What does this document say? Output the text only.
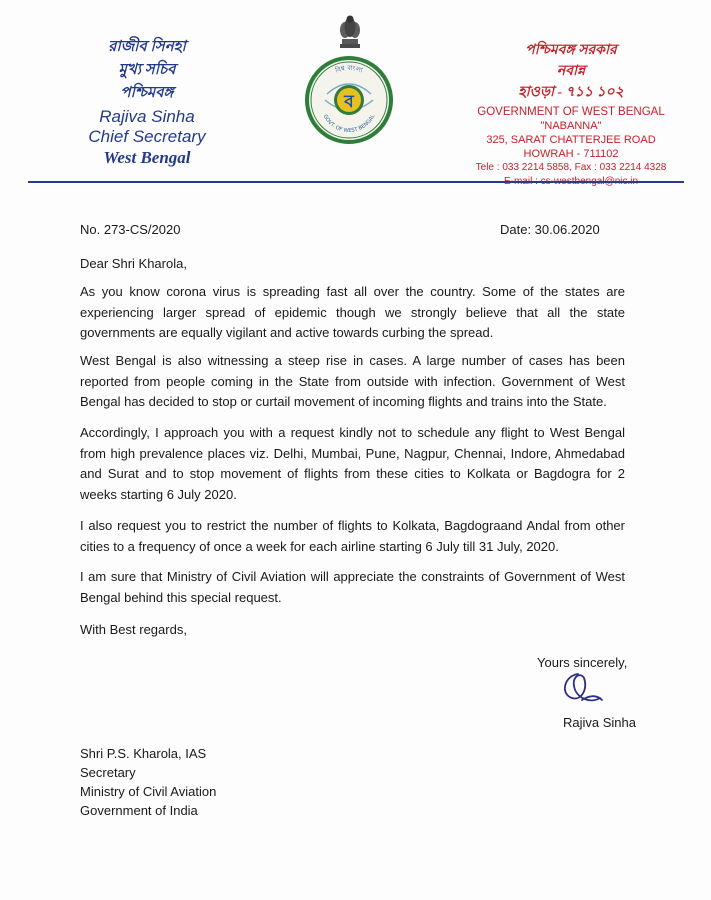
রাজীব সিনহা
মুখ্য সচিব
পশ্চিমবঙ্গ
Rajiva Sinha
Chief Secretary
West Bengal
ব
বিশ্ব বাংলা
GOVT. OF WEST BENGAL
পশ্চিমবঙ্গ সরকার
নবান্ন
হাওড়া - ৭১১ ১০২
GOVERNMENT OF WEST BENGAL
"NABANNA"
325, SARAT CHATTERJEE ROAD
HOWRAH - 711102
Tele : 033 2214 5858, Fax : 033 2214 4328
No. 273-CS/2020	Date: 30.06.2020
Dear Shri Kharola,
As you know corona virus is spreading fast all over the country. Some of the states are experiencing larger spread of epidemic though we strongly believe that all the state governments are equally vigilant and active towards curbing the spread.
West Bengal is also witnessing a steep rise in cases. A large number of cases has been reported from people coming in the State from outside with infection. Government of West Bengal has decided to stop or curtail movement of incoming flights and trains into the State.
Accordingly, I approach you with a request kindly not to schedule any flight to West Bengal from high prevalence places viz. Delhi, Mumbai, Pune, Nagpur, Chennai, Indore, Ahmedabad and Surat and to stop movement of flights from these cities to Kolkata or Bagdogra for 2 weeks starting 6 July 2020.
I also request you to restrict the number of flights to Kolkata, Bagdograand Andal from other cities to a frequency of once a week for each airline starting 6 July till 31 July, 2020.
I am sure that Ministry of Civil Aviation will appreciate the constraints of Government of West Bengal behind this special request.
With Best regards,
Yours sincerely,
Rajiva Sinha
Shri P.S. Kharola, IAS
Secretary
Ministry of Civil Aviation
Government of India
